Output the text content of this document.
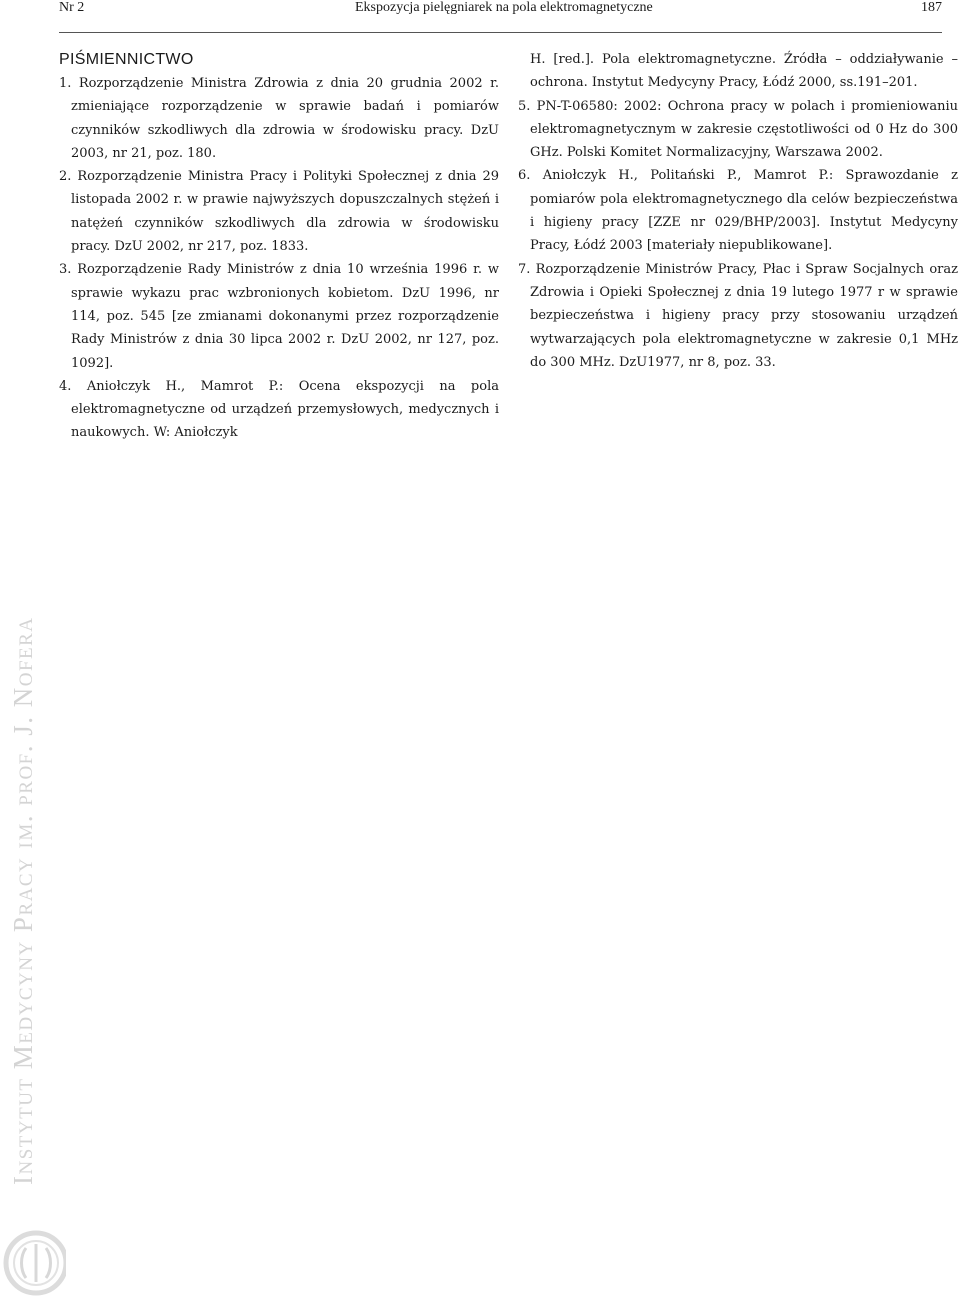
Nr 2	Ekspozycja pielęgniarek na pola elektromagnetyczne	187
PIŚMIENNICTWO
1. Rozporządzenie Ministra Zdrowia z dnia 20 grudnia 2002 r. zmieniające rozporządzenie w sprawie badań i pomiarów czynników szkodliwych dla zdrowia w środowisku pracy. DzU 2003, nr 21, poz. 180.
2. Rozporządzenie Ministra Pracy i Polityki Społecznej z dnia 29 listopada 2002 r. w prawie najwyższych dopuszczalnych stężeń i natężeń czynników szkodliwych dla zdrowia w środowisku pracy. DzU 2002, nr 217, poz. 1833.
3. Rozporządzenie Rady Ministrów z dnia 10 września 1996 r. w sprawie wykazu prac wzbronionych kobietom. DzU 1996, nr 114, poz. 545 [ze zmianami dokonanymi przez rozporządzenie Rady Ministrów z dnia 30 lipca 2002 r. DzU 2002, nr 127, poz. 1092].
4. Aniołczyk H., Mamrot P.: Ocena ekspozycji na pola elektromagnetyczne od urządzeń przemysłowych, medycznych i naukowych. W: Aniołczyk
H. [red.]. Pola elektromagnetyczne. Źródła – oddziaływanie – ochrona. Instytut Medycyny Pracy, Łódź 2000, ss.191–201.
5. PN-T-06580: 2002: Ochrona pracy w polach i promieniowaniu elektromagnetycznym w zakresie częstotliwości od 0 Hz do 300 GHz. Polski Komitet Normalizacyjny, Warszawa 2002.
6. Aniołczyk H., Politański P., Mamrot P.: Sprawozdanie z pomiarów pola elektromagnetycznego dla celów bezpieczeństwa i higieny pracy [ZZE nr 029/BHP/2003]. Instytut Medycyny Pracy, Łódź 2003 [materiały niepublikowane].
7. Rozporządzenie Ministrów Pracy, Płac i Spraw Socjalnych oraz Zdrowia i Opieki Społecznej z dnia 19 lutego 1977 r w sprawie bezpieczeństwa i higieny pracy przy stosowaniu urządzeń wytwarzających pola elektromagnetyczne w zakresie 0,1 MHz do 300 MHz. DzU1977, nr 8, poz. 33.
Instytut Medycyny Pracy im. prof. J. Nofera
